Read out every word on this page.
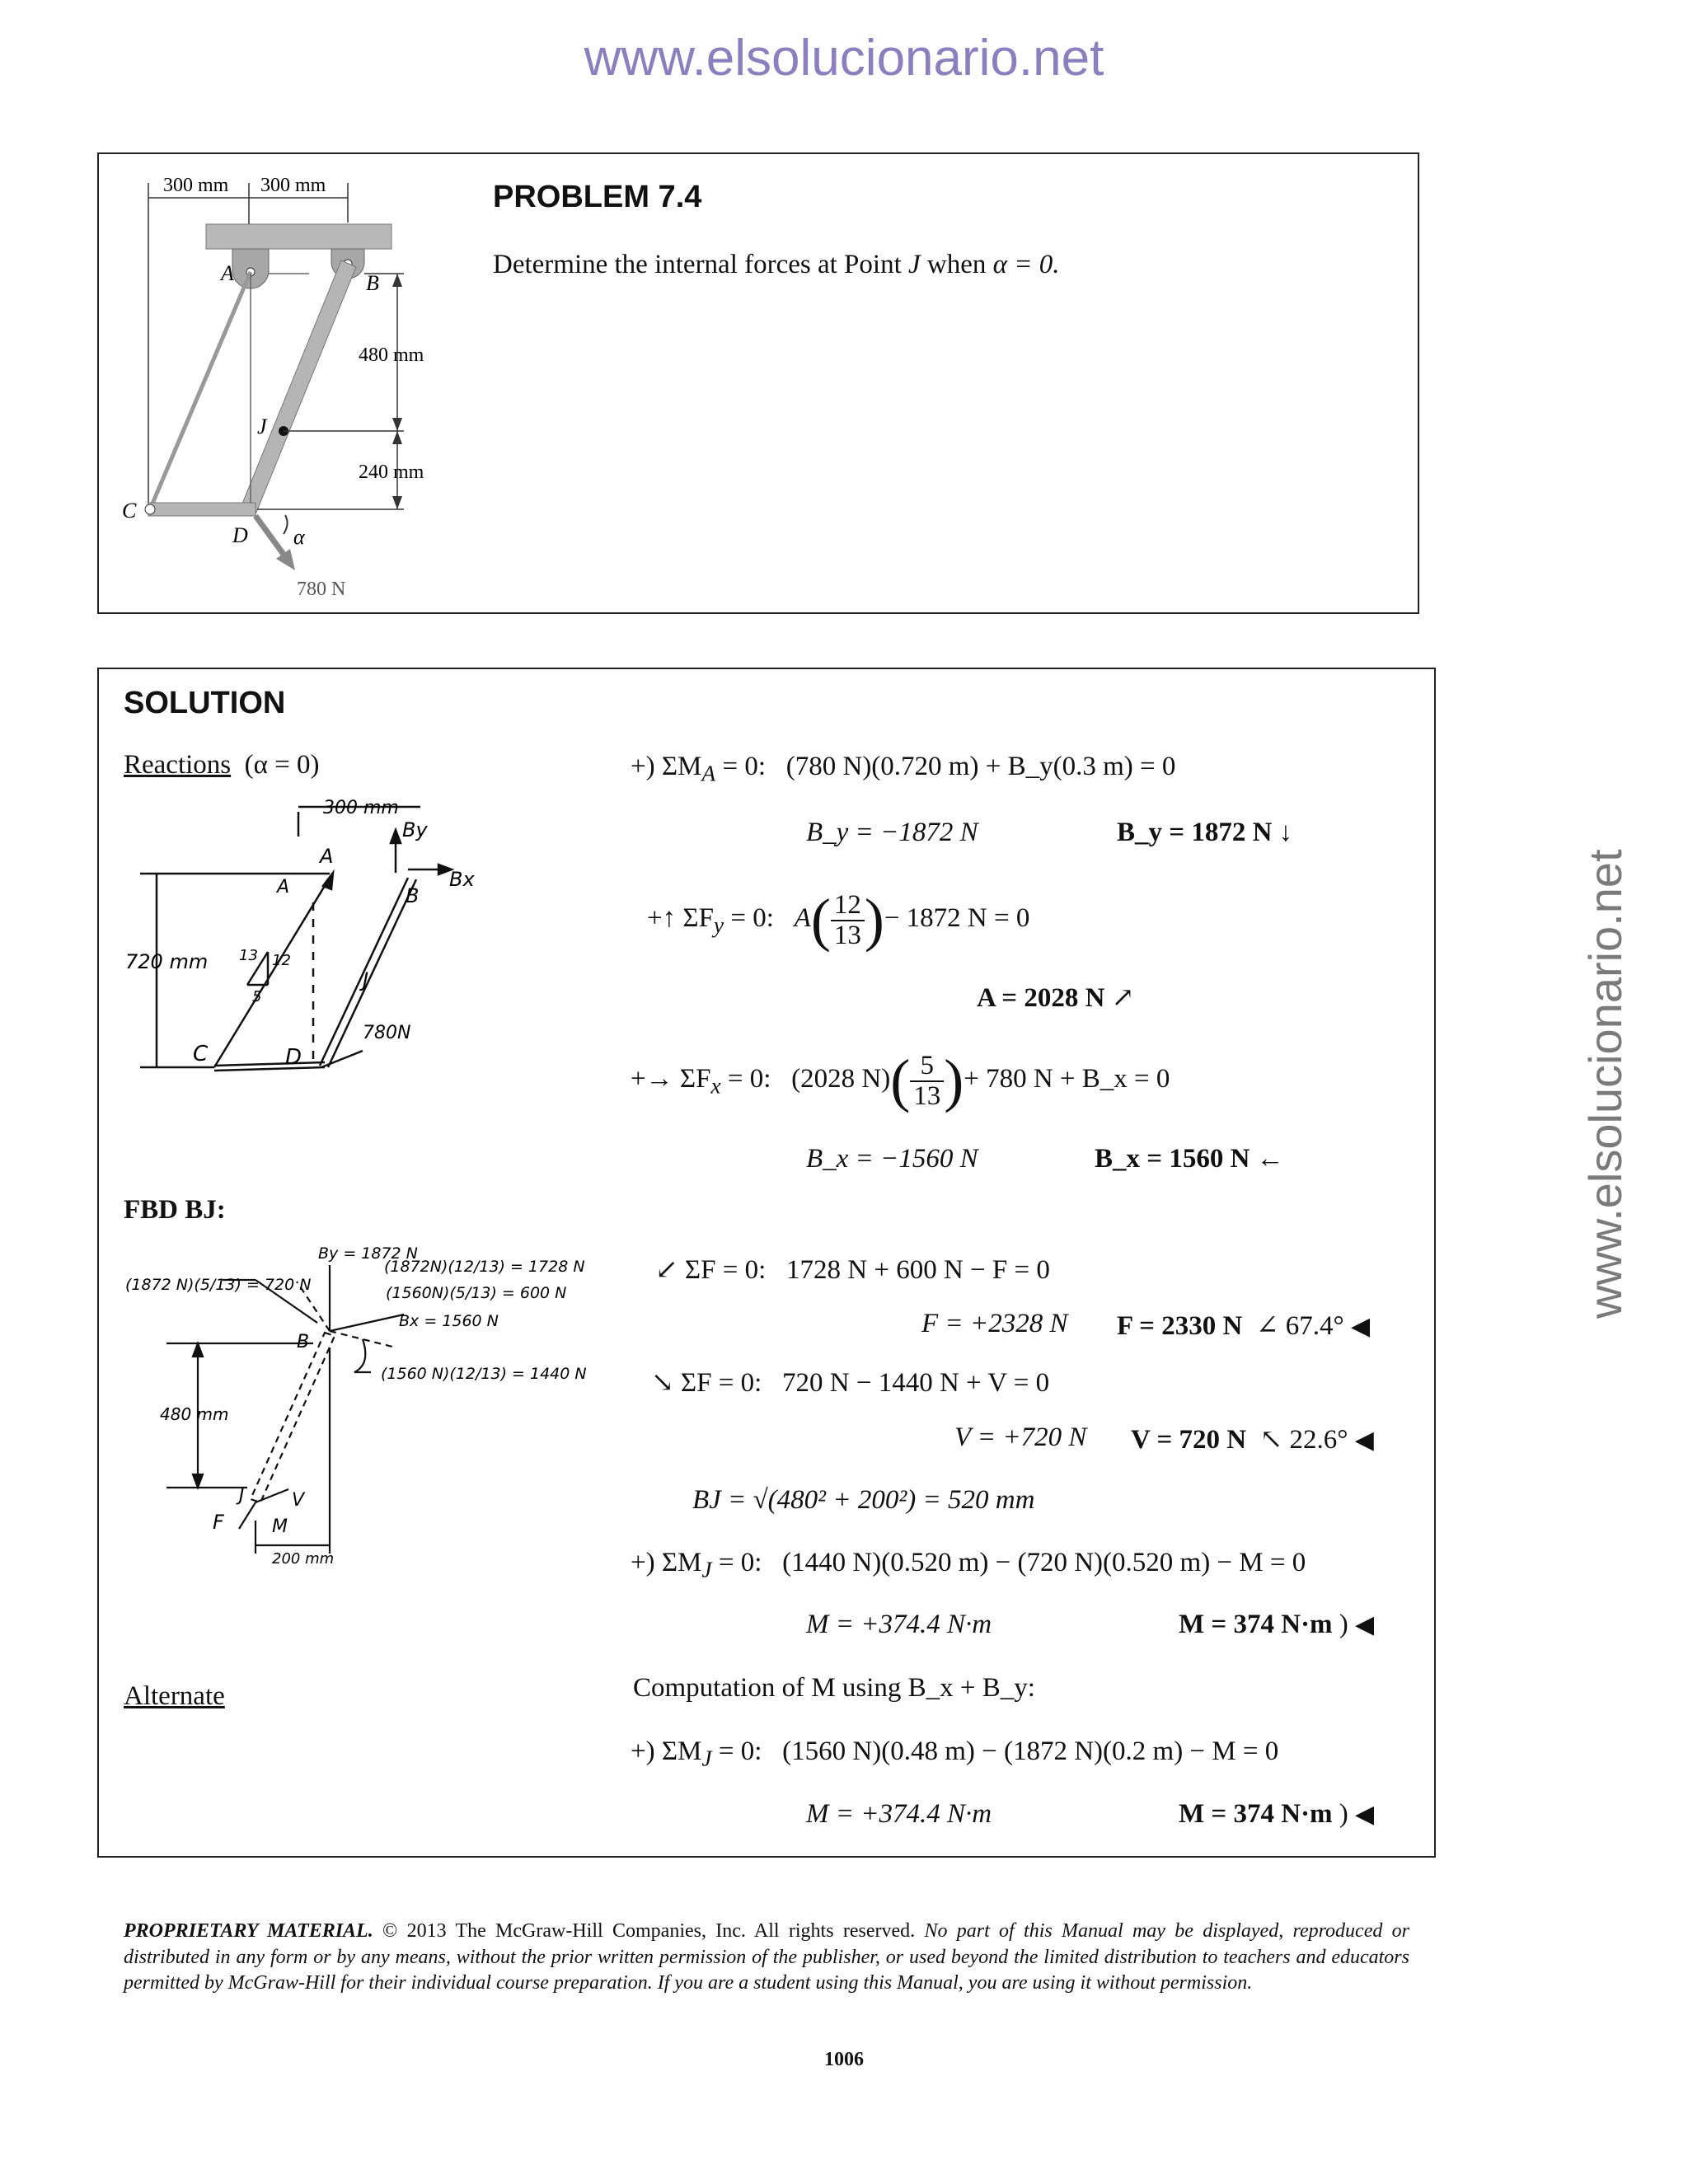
www.elsolucionario.net
www.elsolucionario.net
300 mm 300 mm
480 mm
240 mm
A	B
C
D
J
α
780 N
PROBLEM 7.4
Determine the internal forces at Point J when α = 0.
SOLUTION
Reactions (α = 0)
FBD BJ:
Alternate
300 mm
A
A
By
Bx
B
J
720 mm 13 12
5
780N
C	D
By = 1872 N
(1872N)(12/13) = 1728 N
(1560N)(5/13) = 600 N
(1872 N)(5/13) = 720 N
Bx = 1560 N
(1560 N)(12/13) = 1440 N
B
480 mm
J
F
V
M
200 mm
+) $\Sigma M_A = 0$:   (780 N)(0.720 m) + B_y(0.3 m) = 0
B_y = −1872 N	B_y = 1872 N ↓
+↑ $\Sigma F_y = 0$:   $A( \frac{12}{13}$ )− 1872 N = 0
A = 2028 N ↗
+→ $\Sigma F_x = 0$:   (2028 $N)( \frac{5}{13}$ )+ 780 N + B_x = 0
B_x = −1560 N	B_x = 1560 N ←
↙ ΣF = 0:   1728 N + 600 N − F = 0
F = +2328 N F = 2330 N  ∠ 67.4° ◀
↘ ΣF = 0:   720 N − 1440 N + V = 0
V = +720 N V = 720 N  ↖ 22.6° ◀
BJ = √(480² + 200²) = 520 mm
+) $\Sigma M_J = 0$:   (1440 N)(0.520 m) − (720 N)(0.520 m) − M = 0
M = +374.4 N·m	M = 374 N·m ) ◀
Computation of M using B_x + B_y:
+) $\Sigma M_J = 0$:   (1560 N)(0.48 m) − (1872 N)(0.2 m) − M = 0
M = +374.4 N·m	M = 374 N·m ) ◀
PROPRIETARY MATERIAL. © 2013 The McGraw-Hill Companies, Inc. All rights reserved. No part of this Manual may be displayed, reproduced or distributed in any form or by any means, without the prior written permission of the publisher, or used beyond the limited distribution to teachers and educators permitted by McGraw-Hill for their individual course preparation. If you are a student using this Manual, you are using it without permission.
1006
